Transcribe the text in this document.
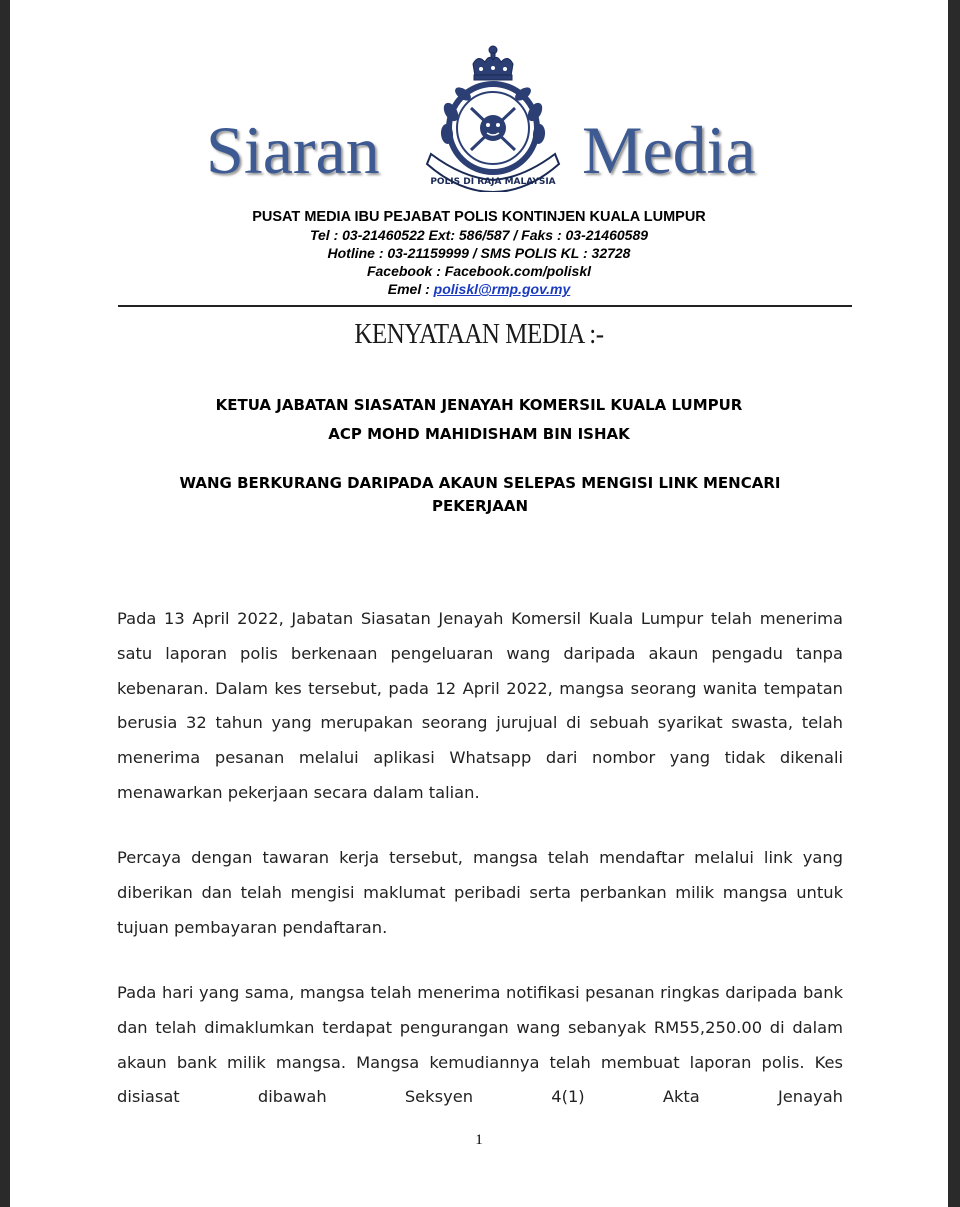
Siaran	POLIS DI RAJA MALAYSIA Media
PUSAT MEDIA IBU PEJABAT POLIS KONTINJEN KUALA LUMPUR
Tel : 03-21460522 Ext: 586/587 / Faks : 03-21460589
Hotline : 03-21159999 / SMS POLIS KL : 32728
Facebook : Facebook.com/poliskl
Emel : poliskl@rmp.gov.my
KENYATAAN MEDIA :-
KETUA JABATAN SIASATAN JENAYAH KOMERSIL KUALA LUMPUR
ACP MOHD MAHIDISHAM BIN ISHAK
WANG BERKURANG DARIPADA AKAUN SELEPAS MENGISI LINK MENCARI PEKERJAAN

Pada 13 April 2022, Jabatan Siasatan Jenayah Komersil Kuala Lumpur telah menerima satu laporan polis berkenaan pengeluaran wang daripada akaun pengadu tanpa kebenaran. Dalam kes tersebut, pada 12 April 2022, mangsa seorang wanita tempatan berusia 32 tahun yang merupakan seorang jurujual di sebuah syarikat swasta, telah menerima pesanan melalui aplikasi Whatsapp dari nombor yang tidak dikenali menawarkan pekerjaan secara dalam talian.

Percaya dengan tawaran kerja tersebut, mangsa telah mendaftar melalui link yang diberikan dan telah mengisi maklumat peribadi serta perbankan milik mangsa untuk tujuan pembayaran pendaftaran.

Pada hari yang sama, mangsa telah menerima notifikasi pesanan ringkas daripada bank dan telah dimaklumkan terdapat pengurangan wang sebanyak RM55,250.00 di dalam akaun bank milik mangsa. Mangsa kemudiannya telah membuat laporan polis. Kes disiasat dibawah Seksyen 4(1) Akta Jenayah

1
